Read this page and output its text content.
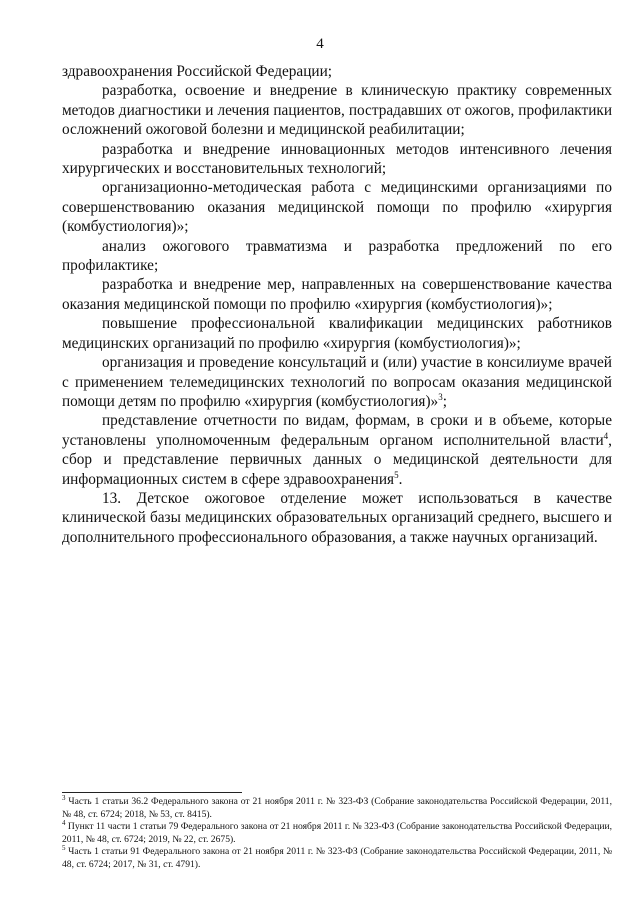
4

здравоохранения Российской Федерации;

разработка, освоение и внедрение в клиническую практику современных методов диагностики и лечения пациентов, пострадавших от ожогов, профилактики осложнений ожоговой болезни и медицинской реабилитации;

разработка и внедрение инновационных методов интенсивного лечения хирургических и восстановительных технологий;

организационно-методическая работа с медицинскими организациями по совершенствованию оказания медицинской помощи по профилю «хирургия (комбустиология)»;

анализ ожогового травматизма и разработка предложений по его профилактике;

разработка и внедрение мер, направленных на совершенствование качества оказания медицинской помощи по профилю «хирургия (комбустиология)»;

повышение профессиональной квалификации медицинских работников медицинских организаций по профилю «хирургия (комбустиология)»;

организация и проведение консультаций и (или) участие в консилиуме врачей с применением телемедицинских технологий по вопросам оказания медицинской помощи детям по профилю «хирургия (комбустиология)»$^3$;

представление отчетности по видам, формам, в сроки и в объеме, которые установлены уполномоченным федеральным органом исполнительной власти$^4$, сбор и представление первичных данных о медицинской деятельности для информационных систем в сфере здравоохранения$^5$.

13. Детское ожоговое отделение может использоваться в качестве клинической базы медицинских образовательных организаций среднего, высшего и дополнительного профессионального образования, а также научных организаций.

$^3$ Часть 1 статьи 36.2 Федерального закона от 21 ноября 2011 г. № 323-ФЗ (Собрание законодательства Российской Федерации, 2011, № 48, ст. 6724; 2018, № 53, ст. 8415).

$^4$ Пункт 11 части 1 статьи 79 Федерального закона от 21 ноября 2011 г. № 323-ФЗ (Собрание законодательства Российской Федерации, 2011, № 48, ст. 6724; 2019, № 22, ст. 2675).

$^5$ Часть 1 статьи 91 Федерального закона от 21 ноября 2011 г. № 323-ФЗ (Собрание законодательства Российской Федерации, 2011, № 48, ст. 6724; 2017, № 31, ст. 4791).
